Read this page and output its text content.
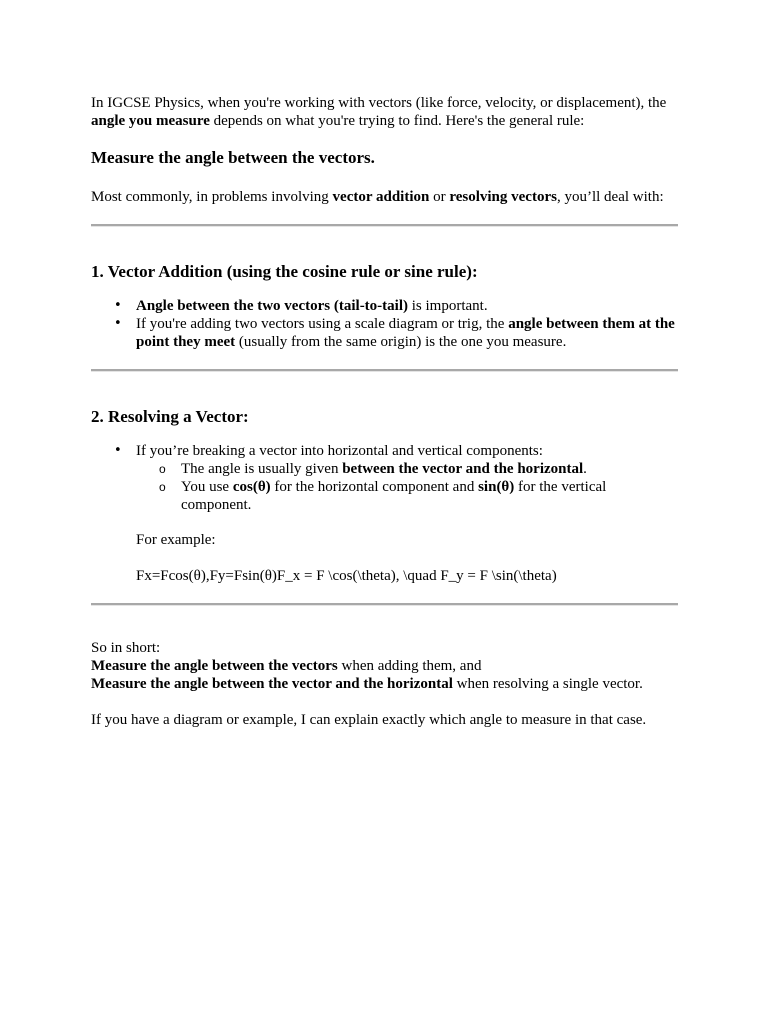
In IGCSE Physics, when you're working with vectors (like force, velocity, or displacement), the
angle you measure depends on what you're trying to find. Here's the general rule:

Measure the angle between the vectors.

Most commonly, in problems involving vector addition or resolving vectors, you’ll deal with:

1. Vector Addition (using the cosine rule or sine rule):
• Angle between the two vectors (tail-to-tail) is important.
• If you're adding two vectors using a scale diagram or trig, the angle between them at the point they meet (usually from the same origin) is the one you measure.
2. Resolving a Vector:
• If you’re breaking a vector into horizontal and vertical components:
o The angle is usually given between the vector and the horizontal.
o You use cos(θ) for the horizontal component and sin(θ) for the vertical component.

For example:

Fx=Fcos(θ),Fy=Fsin(θ)F_x = F \cos(\theta), \quad F_y = F \sin(\theta)

So in short:
Measure the angle between the vectors when adding them, and
Measure the angle between the vector and the horizontal when resolving a single vector.

If you have a diagram or example, I can explain exactly which angle to measure in that case.
